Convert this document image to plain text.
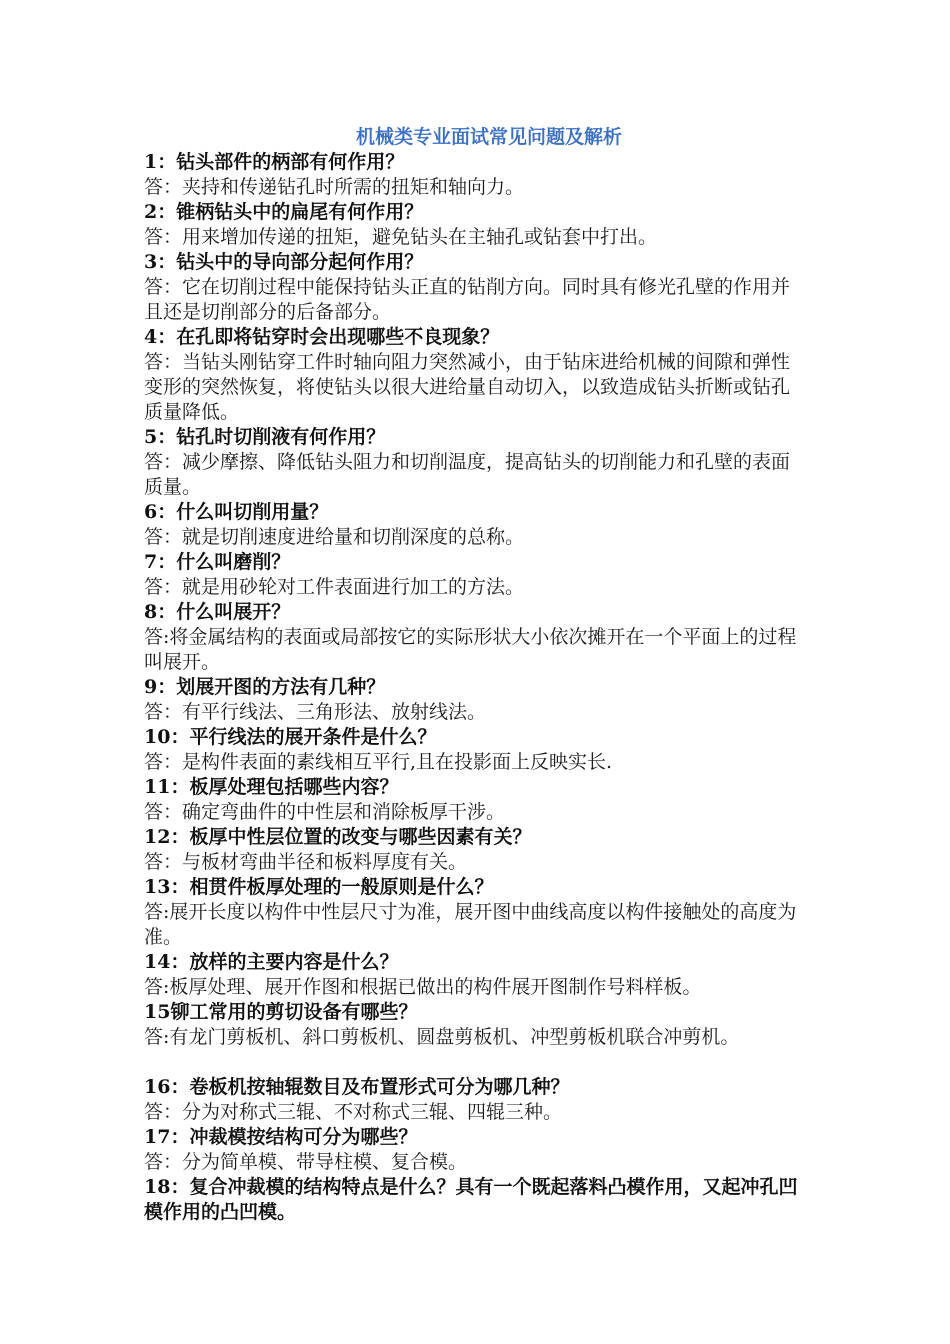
机械类专业面试常见问题及解析
1：钻头部件的柄部有何作用？
答：夹持和传递钻孔时所需的扭矩和轴向力。
2：锥柄钻头中的扁尾有何作用？
答：用来增加传递的扭矩，避免钻头在主轴孔或钻套中打出。
3：钻头中的导向部分起何作用？
答：它在切削过程中能保持钻头正直的钻削方向。同时具有修光孔壁的作用并且还是切削部分的后备部分。
4：在孔即将钻穿时会出现哪些不良现象？
答：当钻头刚钻穿工件时轴向阻力突然减小，由于钻床进给机械的间隙和弹性变形的突然恢复，将使钻头以很大进给量自动切入，以致造成钻头折断或钻孔质量降低。
5：钻孔时切削液有何作用？
答：减少摩擦、降低钻头阻力和切削温度，提高钻头的切削能力和孔壁的表面质量。
6：什么叫切削用量？
答：就是切削速度进给量和切削深度的总称。
7：什么叫磨削？
答：就是用砂轮对工件表面进行加工的方法。
8：什么叫展开？
答:将金属结构的表面或局部按它的实际形状大小依次摊开在一个平面上的过程叫展开。
9：划展开图的方法有几种？
答：有平行线法、三角形法、放射线法。
10：平行线法的展开条件是什么？
答：是构件表面的素线相互平行,且在投影面上反映实长.
11：板厚处理包括哪些内容？
答：确定弯曲件的中性层和消除板厚干涉。
12：板厚中性层位置的改变与哪些因素有关？
答：与板材弯曲半径和板料厚度有关。
13：相贯件板厚处理的一般原则是什么？
答:展开长度以构件中性层尺寸为准，展开图中曲线高度以构件接触处的高度为准。
14：放样的主要内容是什么？
答:板厚处理、展开作图和根据已做出的构件展开图制作号料样板。
15铆工常用的剪切设备有哪些？
答:有龙门剪板机、斜口剪板机、圆盘剪板机、冲型剪板机联合冲剪机。
16：卷板机按轴辊数目及布置形式可分为哪几种？
答：分为对称式三辊、不对称式三辊、四辊三种。
17：冲裁模按结构可分为哪些？
答：分为简单模、带导柱模、复合模。
18：复合冲裁模的结构特点是什么？具有一个既起落料凸模作用，又起冲孔凹模作用的凸凹模。
